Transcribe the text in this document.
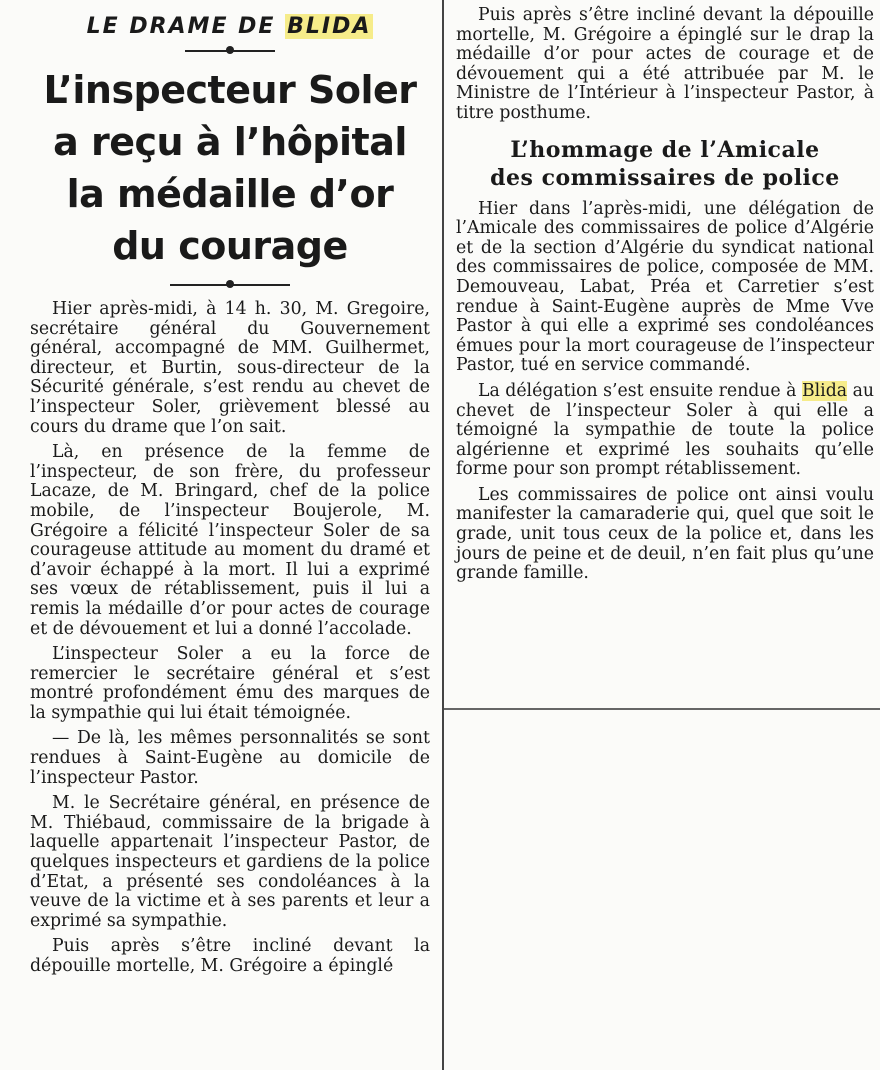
LE DRAME DE BLIDA
L’inspecteur Soler
a reçu à l’hôpital
la médaille d’or
du courage

Hier après-midi, à 14 h. 30, M. Gregoire, secrétaire général du Gouvernement général, accompagné de MM. Guilhermet, directeur, et Burtin, sous-directeur de la Sécurité générale, s’est rendu au chevet de l’inspecteur Soler, grièvement blessé au cours du drame que l’on sait.

Là, en présence de la femme de l’inspecteur, de son frère, du professeur Lacaze, de M. Bringard, chef de la police mobile, de l’inspecteur Boujerole, M. Grégoire a félicité l’inspecteur Soler de sa courageuse attitude au moment du dramé et d’avoir échappé à la mort. Il lui a exprimé ses vœux de rétablissement, puis il lui a remis la médaille d’or pour actes de courage et de dévouement et lui a donné l’accolade.

L’inspecteur Soler a eu la force de remercier le secrétaire général et s’est montré profondément ému des marques de la sympathie qui lui était témoignée.

— De là, les mêmes personnalités se sont rendues à Saint-Eugène au domicile de l’inspecteur Pastor.

M. le Secrétaire général, en présence de M. Thiébaud, commissaire de la brigade à laquelle appartenait l’inspecteur Pastor, de quelques inspecteurs et gardiens de la police d’Etat, a présenté ses condoléances à la veuve de la victime et à ses parents et leur a exprimé sa sympathie.

Puis après s’être incliné devant la dépouille mortelle, M. Grégoire a épinglé

Puis après s’être incliné devant la dépouille mortelle, M. Grégoire a épinglé sur le drap la médaille d’or pour actes de courage et de dévouement qui a été attribuée par M. le Ministre de l’Intérieur à l’inspecteur Pastor, à titre posthume.

L’hommage de l’Amicale
des commissaires de police

Hier dans l’après-midi, une délégation de l’Amicale des commissaires de police d’Algérie et de la section d’Algérie du syndicat national des commissaires de police, composée de MM. Demouveau, Labat, Préa et Carretier s’est rendue à Saint-Eugène auprès de Mme Vve Pastor à qui elle a exprimé ses condoléances émues pour la mort courageuse de l’inspecteur Pastor, tué en service commandé.

La délégation s’est ensuite rendue à Blida au chevet de l’inspecteur Soler à qui elle a témoigné la sympathie de toute la police algérienne et exprimé les souhaits qu’elle forme pour son prompt rétablissement.

Les commissaires de police ont ainsi voulu manifester la camaraderie qui, quel que soit le grade, unit tous ceux de la police et, dans les jours de peine et de deuil, n’en fait plus qu’une grande famille.
